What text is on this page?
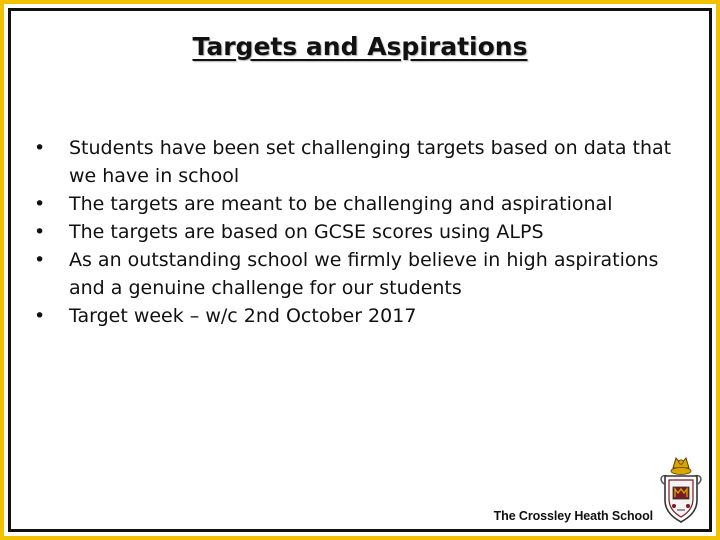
Targets and Aspirations
• Students have been set challenging targets based on data that
we have in school
• The targets are meant to be challenging and aspirational
• The targets are based on GCSE scores using ALPS
• As an outstanding school we firmly believe in high aspirations
and a genuine challenge for our students
• Target week – w/c 2nd October 2017
The Crossley Heath School
